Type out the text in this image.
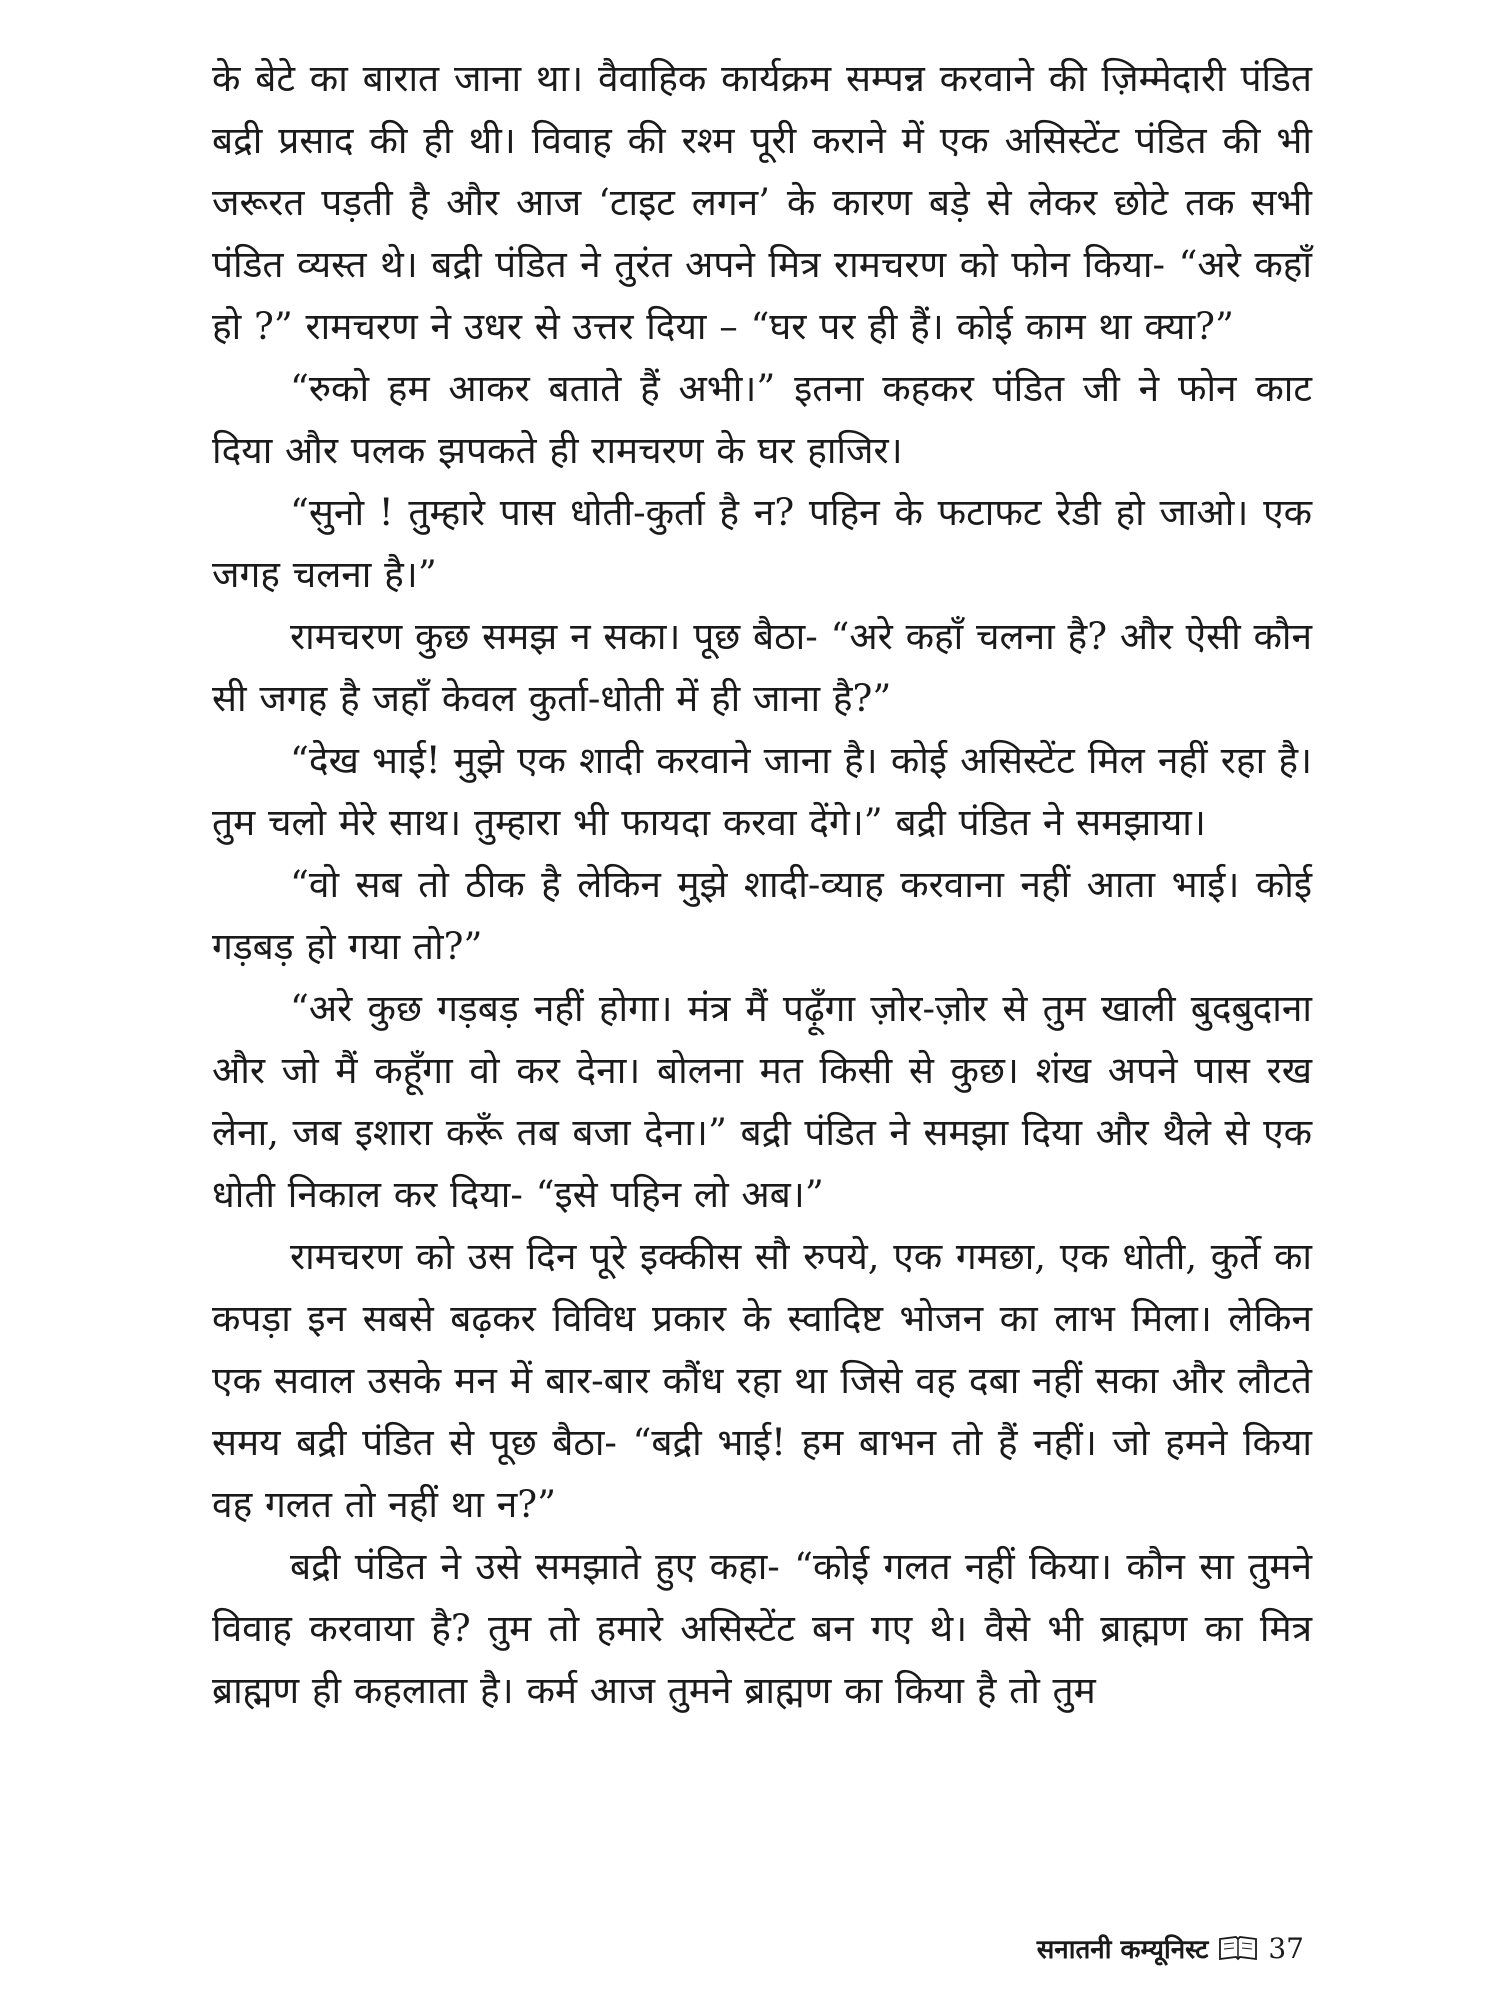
के बेटे का बारात जाना था। वैवाहिक कार्यक्रम सम्पन्न करवाने की ज़िम्मेदारी पंडित बद्री प्रसाद की ही थी। विवाह की रश्म पूरी कराने में एक असिस्टेंट पंडित की भी जरूरत पड़ती है और आज ‘टाइट लगन’ के कारण बड़े से लेकर छोटे तक सभी पंडित व्यस्त थे। बद्री पंडित ने तुरंत अपने मित्र रामचरण को फोन किया- “अरे कहाँ हो ?” रामचरण ने उधर से उत्तर दिया – “घर पर ही हैं। कोई काम था क्या?”

“रुको हम आकर बताते हैं अभी।” इतना कहकर पंडित जी ने फोन काट दिया और पलक झपकते ही रामचरण के घर हाजिर।

“सुनो ! तुम्हारे पास धोती-कुर्ता है न? पहिन के फटाफट रेडी हो जाओ। एक जगह चलना है।”

रामचरण कुछ समझ न सका। पूछ बैठा- “अरे कहाँ चलना है? और ऐसी कौन सी जगह है जहाँ केवल कुर्ता-धोती में ही जाना है?”

“देख भाई! मुझे एक शादी करवाने जाना है। कोई असिस्टेंट मिल नहीं रहा है। तुम चलो मेरे साथ। तुम्हारा भी फायदा करवा देंगे।” बद्री पंडित ने समझाया।

“वो सब तो ठीक है लेकिन मुझे शादी-व्याह करवाना नहीं आता भाई। कोई गड़बड़ हो गया तो?”

“अरे कुछ गड़बड़ नहीं होगा। मंत्र मैं पढ़ूँगा ज़ोर-ज़ोर से तुम खाली बुदबुदाना और जो मैं कहूँगा वो कर देना। बोलना मत किसी से कुछ। शंख अपने पास रख लेना, जब इशारा करूँ तब बजा देना।” बद्री पंडित ने समझा दिया और थैले से एक धोती निकाल कर दिया- “इसे पहिन लो अब।”

रामचरण को उस दिन पूरे इक्कीस सौ रुपये, एक गमछा, एक धोती, कुर्ते का कपड़ा इन सबसे बढ़कर विविध प्रकार के स्वादिष्ट भोजन का लाभ मिला। लेकिन एक सवाल उसके मन में बार-बार कौंध रहा था जिसे वह दबा नहीं सका और लौटते समय बद्री पंडित से पूछ बैठा- “बद्री भाई! हम बाभन तो हैं नहीं। जो हमने किया वह गलत तो नहीं था न?”

बद्री पंडित ने उसे समझाते हुए कहा- “कोई गलत नहीं किया। कौन सा तुमने विवाह करवाया है? तुम तो हमारे असिस्टेंट बन गए थे। वैसे भी ब्राह्मण का मित्र ब्राह्मण ही कहलाता है। कर्म आज तुमने ब्राह्मण का किया है तो तुम

सनातनी कम्यूनिस्ट 37
